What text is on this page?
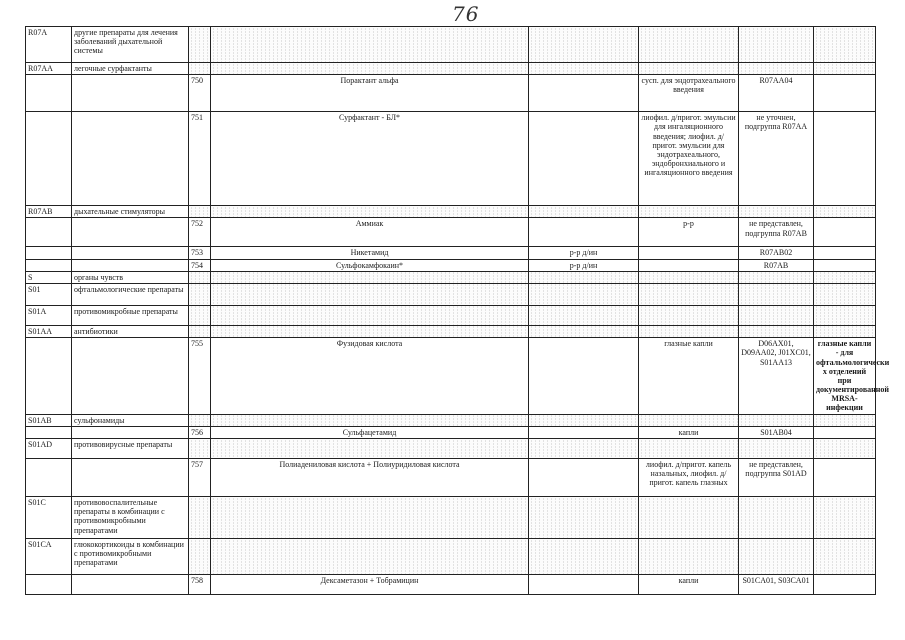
76
R07A	другие препараты для лечения заболеваний дыхательной системы						
R07AA	легочные сурфактанты						
		750	Порактант альфа		сусп. для эндотрахеального введения	R07AA04	
		751	Сурфактант - БЛ*		лиофил. д/пригот. эмульсии для ингаляционного введения; лиофил. д/пригот. эмульсии для эндотрахеального, эндобронхиального и ингаляционного введения	не уточнен, подгруппа R07AA	
R07AB	дыхательные стимуляторы						
		752	Аммиак		р-р	не представлен, подгруппа R07AB	
		753	Никетамид	р-р д/ин		R07AB02	
		754	Сульфокамфокаин*	р-р д/ин		R07AB	
S	органы чувств						
S01	офтальмологические препараты						
S01A	противомикробные препараты						
S01AA	антибиотики						
		755	Фузидовая кислота		глазные капли	D06AX01, D09AA02, J01XC01, S01AA13	глазные капли - для офтальмологически х отделений при документированной MRSA-инфекции
S01AB	сульфонамиды						
		756	Сульфацетамид		капли	S01AB04	
S01AD	противовирусные препараты						
		757	Полиадениловая кислота + Полиуридиловая кислота		лиофил. д/пригот. капель назальных, лиофил. д/пригот. капель глазных	не представлен, подгруппа S01AD	
S01C	противовоспалительные препараты в комбинации с противомикробными препаратами						
S01CA	глюкокортикоиды в комбинации с противомикробными препаратами						
		758	Дексаметазон + Тобрамицин		капли	S01CA01, S03CA01	
